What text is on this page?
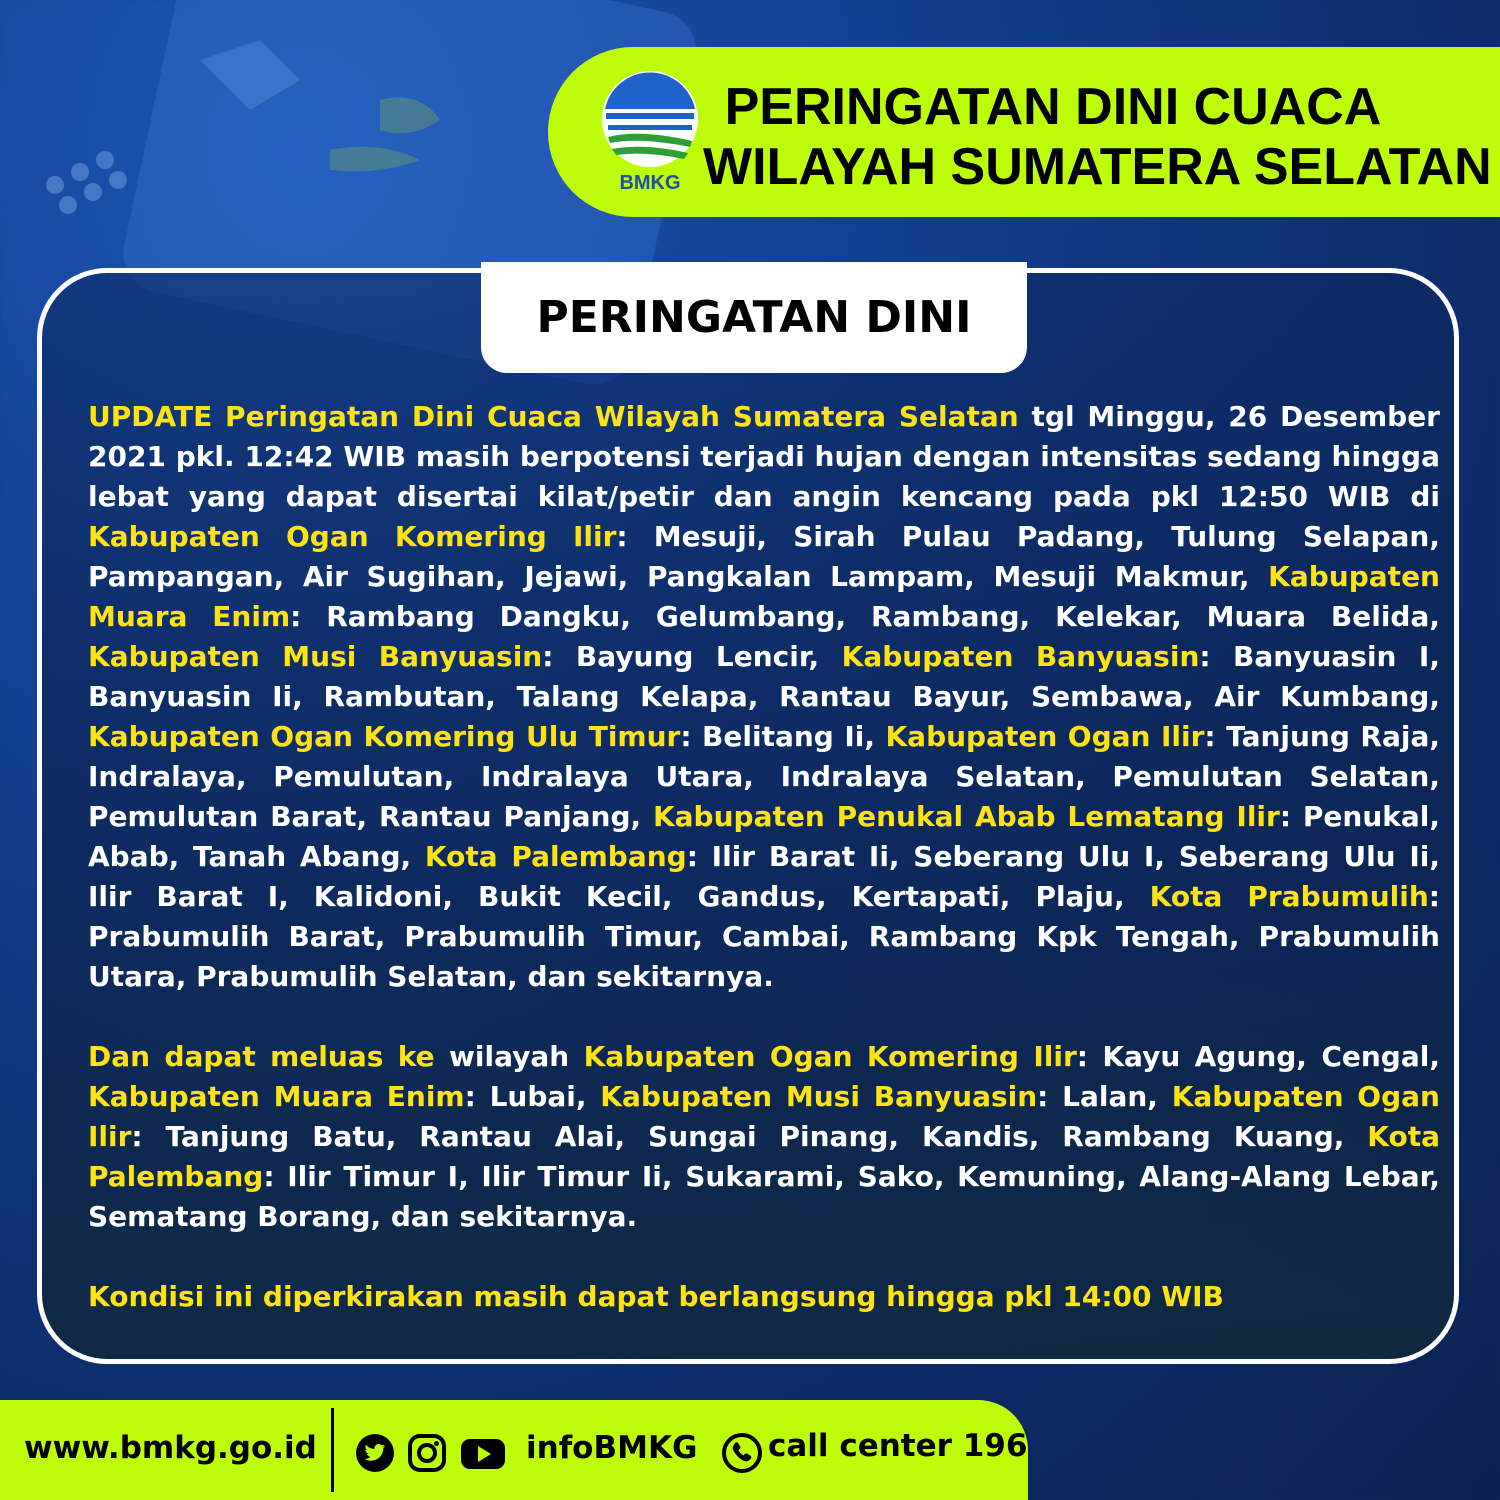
BMKG
PERINGATAN DINI CUACA
WILAYAH SUMATERA SELATAN
PERINGATAN DINI

UPDATE Peringatan Dini Cuaca Wilayah Sumatera Selatan tgl Minggu, 26 Desember 2021 pkl. 12:42 WIB masih berpotensi terjadi hujan dengan intensitas sedang hingga lebat yang dapat disertai kilat/petir dan angin kencang pada pkl 12:50 WIB di Kabupaten Ogan Komering Ilir: Mesuji, Sirah Pulau Padang, Tulung Selapan, Pampangan, Air Sugihan, Jejawi, Pangkalan Lampam, Mesuji Makmur, Kabupaten Muara Enim: Rambang Dangku, Gelumbang, Rambang, Kelekar, Muara Belida, Kabupaten Musi Banyuasin: Bayung Lencir, Kabupaten Banyuasin: Banyuasin I, Banyuasin Ii, Rambutan, Talang Kelapa, Rantau Bayur, Sembawa, Air Kumbang, Kabupaten Ogan Komering Ulu Timur: Belitang Ii, Kabupaten Ogan Ilir: Tanjung Raja, Indralaya, Pemulutan, Indralaya Utara, Indralaya Selatan, Pemulutan Selatan, Pemulutan Barat, Rantau Panjang, Kabupaten Penukal Abab Lematang Ilir: Penukal, Abab, Tanah Abang, Kota Palembang: Ilir Barat Ii, Seberang Ulu I, Seberang Ulu Ii, Ilir Barat I, Kalidoni, Bukit Kecil, Gandus, Kertapati, Plaju, Kota Prabumulih: Prabumulih Barat, Prabumulih Timur, Cambai, Rambang Kpk Tengah, Prabumulih Utara, Prabumulih Selatan, dan sekitarnya.

Dan dapat meluas ke wilayah Kabupaten Ogan Komering Ilir: Kayu Agung, Cengal, Kabupaten Muara Enim: Lubai, Kabupaten Musi Banyuasin: Lalan, Kabupaten Ogan Ilir: Tanjung Batu, Rantau Alai, Sungai Pinang, Kandis, Rambang Kuang, Kota Palembang: Ilir Timur I, Ilir Timur Ii, Sukarami, Sako, Kemuning, Alang-Alang Lebar, Sematang Borang, dan sekitarnya.

Kondisi ini diperkirakan masih dapat berlangsung hingga pkl 14:00 WIB

www.bmkg.go.id	infoBMKG call center 196
